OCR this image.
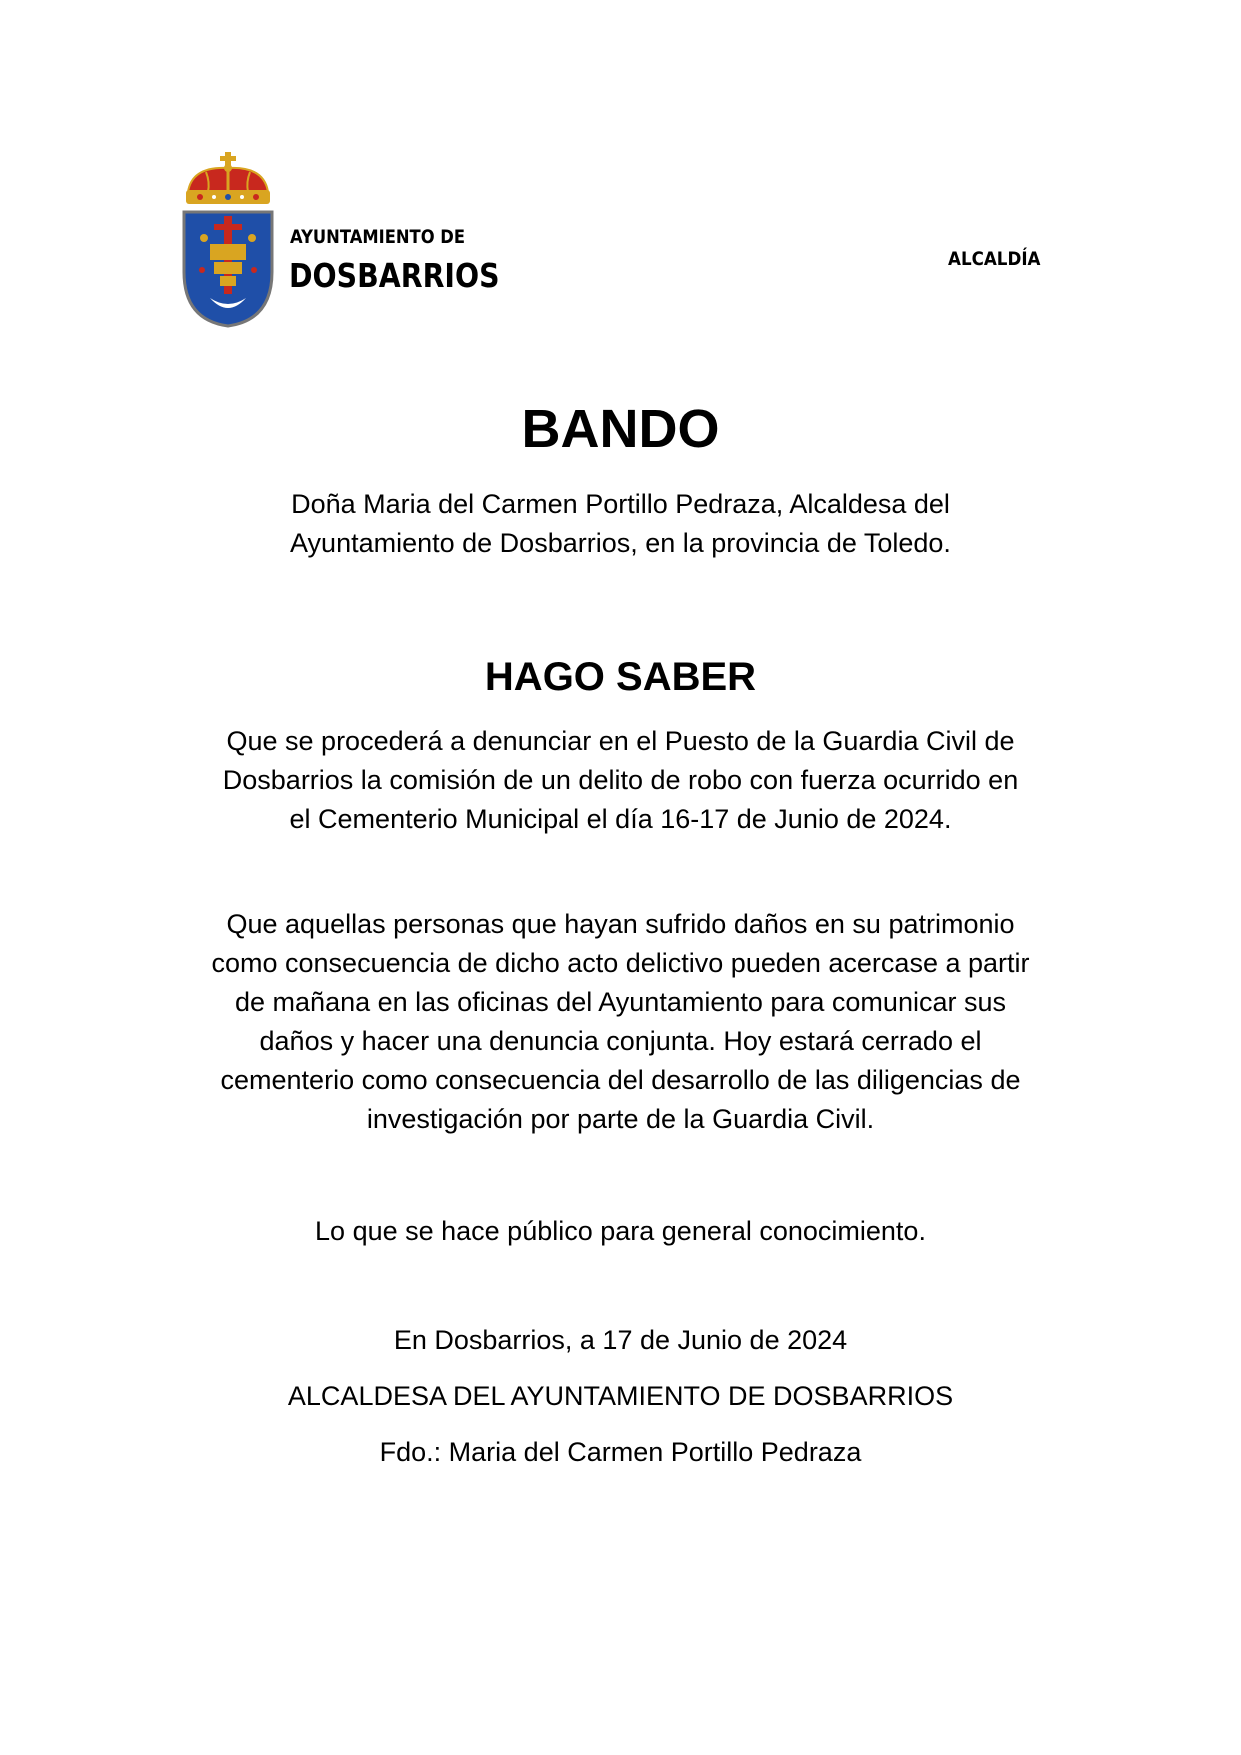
AYUNTAMIENTO DE
DOSBARRIOS	ALCALDÍA
BANDO
Doña Maria del Carmen Portillo Pedraza, Alcaldesa del
Ayuntamiento de Dosbarrios, en la provincia de Toledo.
HAGO SABER
Que se procederá a denunciar en el Puesto de la Guardia Civil de
Dosbarrios la comisión de un delito de robo con fuerza ocurrido en
el Cementerio Municipal el día 16-17 de Junio de 2024.
Que aquellas personas que hayan sufrido daños en su patrimonio
como consecuencia de dicho acto delictivo pueden acercase a partir
de mañana en las oficinas del Ayuntamiento para comunicar sus
daños y hacer una denuncia conjunta. Hoy estará cerrado el
cementerio como consecuencia del desarrollo de las diligencias de
investigación por parte de la Guardia Civil.
Lo que se hace público para general conocimiento.
En Dosbarrios, a 17 de Junio de 2024
ALCALDESA DEL AYUNTAMIENTO DE DOSBARRIOS
Fdo.: Maria del Carmen Portillo Pedraza
